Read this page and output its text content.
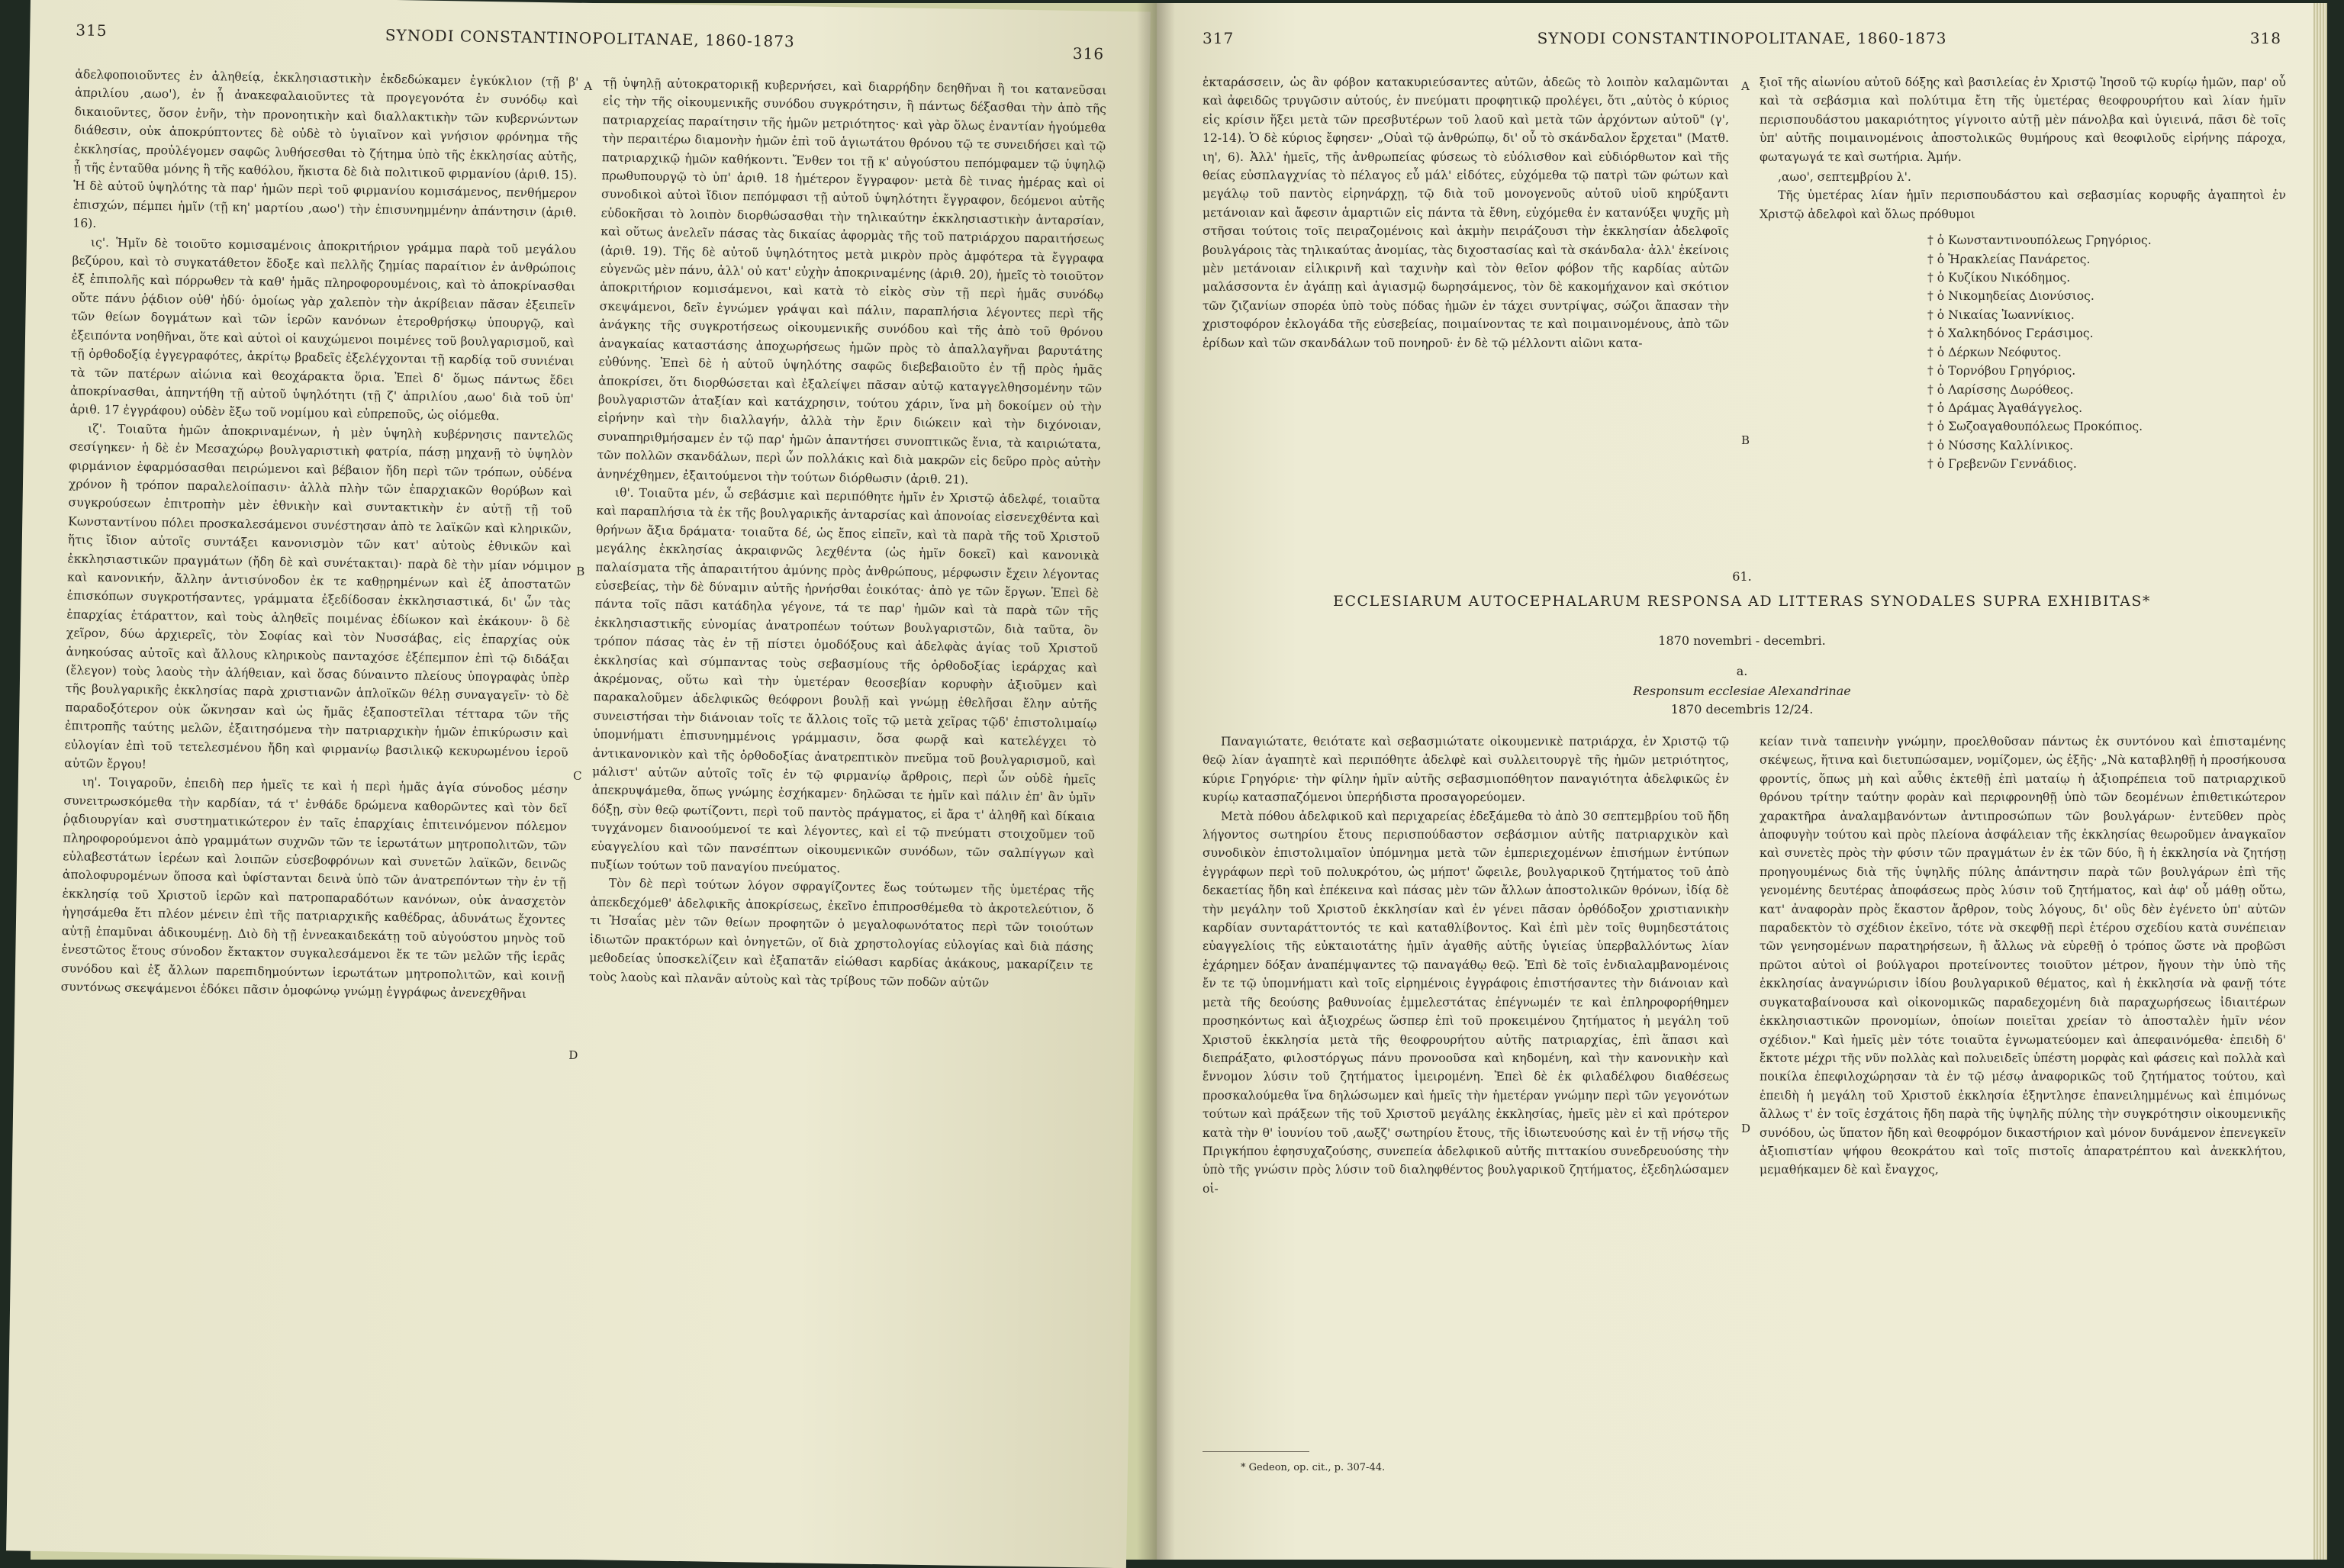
315	SYNODI CONSTANTINOPOLITANAE, 1860-1873
316

ἀδελφοποιοῦντες ἐν ἀληθείᾳ, ἐκκλησιαστικὴν ἐκδεδώκαμεν ἐγκύκλιον (τῇ β' ἀπριλίου ,αωο'), ἐν ᾗ ἀνακεφαλαιοῦντες τὰ προγεγονότα ἐν συνόδῳ καὶ δικαιοῦντες, ὅσον ἐνῆν, τὴν προνοητικὴν καὶ διαλλακτικὴν τῶν κυβερνώντων διάθεσιν, οὐκ ἀποκρύπτοντες δὲ οὐδὲ τὸ ὑγιαῖνον καὶ γνήσιον φρόνημα τῆς ἐκκλησίας, προὐλέγομεν σαφῶς λυθήσεσθαι τὸ ζήτημα ὑπὸ τῆς ἐκκλησίας αὐτῆς, ᾗ τῆς ἐνταῦθα μόνης ἢ τῆς καθόλου, ἥκιστα δὲ διὰ πολιτικοῦ φιρμανίου (ἀριθ. 15). Ἡ δὲ αὐτοῦ ὑψηλότης τὰ παρ' ἡμῶν περὶ τοῦ φιρμανίου κομισάμενος, πενθήμερον ἐπισχών, πέμπει ἡμῖν (τῇ κη' μαρτίου ,αωο') τὴν ἐπισυνημμένην ἀπάντησιν (ἀριθ. 16).

ις'. Ἡμῖν δὲ τοιοῦτο κομισαμένοις ἀποκριτήριον γράμμα παρὰ τοῦ μεγάλου βεζύρου, καὶ τὸ συγκατάθετον ἔδοξε καὶ πελλῆς ζημίας παραίτιον ἐν ἀνθρώποις ἐξ ἐπιπολῆς καὶ πόρρωθεν τὰ καθ' ἡμᾶς πληροφορουμένοις, καὶ τὸ ἀποκρίνασθαι οὔτε πάνυ ῥᾴδιον οὐθ' ἡδύ· ὁμοίως γὰρ χαλεπὸν τὴν ἀκρίβειαν πᾶσαν ἐξειπεῖν τῶν θείων δογμάτων καὶ τῶν ἱερῶν κανόνων ἑτεροθρήσκῳ ὑπουργῷ, καὶ ἐξειπόντα νοηθῆναι, ὅτε καὶ αὐτοὶ οἱ καυχώμενοι ποιμένες τοῦ βουλγαρισμοῦ, καὶ τῇ ὀρθοδοξίᾳ ἐγγεγραφότες, ἀκρίτῳ βραδεῖς ἐξελέγχονται τῇ καρδίᾳ τοῦ συνιέναι τὰ τῶν πατέρων αἰώνια καὶ θεοχάρακτα ὅρια. Ἐπεὶ δ' ὅμως πάντως ἔδει ἀποκρίνασθαι, ἀπηντήθη τῇ αὐτοῦ ὑψηλότητι (τῇ ζ' ἀπριλίου ,αωο' διὰ τοῦ ὑπ' ἀριθ. 17 ἐγγράφου) οὐδὲν ἔξω τοῦ νομίμου καὶ εὐπρεποῦς, ὡς οἰόμεθα.

ιζ'. Τοιαῦτα ἡμῶν ἀποκριναμένων, ἡ μὲν ὑψηλὴ κυβέρνησις παντελῶς σεσίγηκεν· ἡ δὲ ἐν Μεσαχώρῳ βουλγαριστικὴ φατρία, πάσῃ μηχανῇ τὸ ὑψηλὸν φιρμάνιον ἐφαρμόσασθαι πειρώμενοι καὶ βέβαιον ἤδη περὶ τῶν τρόπων, οὐδένα χρόνον ἢ τρόπον παραλελοίπασιν· ἀλλὰ πλὴν τῶν ἐπαρχιακῶν θορύβων καὶ συγκρούσεων ἐπιτροπὴν μὲν ἐθνικὴν καὶ συντακτικὴν ἐν αὐτῇ τῇ τοῦ Κωνσταντίνου πόλει προσκαλεσάμενοι συνέστησαν ἀπὸ τε λαϊκῶν καὶ κληρικῶν, ἥτις ἴδιον αὐτοῖς συντάξει κανονισμὸν τῶν κατ' αὐτοὺς ἐθνικῶν καὶ ἐκκλησιαστικῶν πραγμάτων (ἤδη δὲ καὶ συνέτακται)· παρὰ δὲ τὴν μίαν νόμιμον καὶ κανονικήν, ἄλλην ἀντισύνοδον ἐκ τε καθῃρημένων καὶ ἐξ ἀποστατῶν ἐπισκόπων συγκροτήσαντες, γράμματα ἐξεδίδοσαν ἐκκλησιαστικά, δι' ὧν τὰς ἐπαρχίας ἐτάραττον, καὶ τοὺς ἀληθεῖς ποιμένας ἐδίωκον καὶ ἐκάκουν· ὃ δὲ χεῖρον, δύω ἀρχιερεῖς, τὸν Σοφίας καὶ τὸν Νυσσάβας, εἰς ἐπαρχίας οὐκ ἀνηκούσας αὐτοῖς καὶ ἄλλους κληρικοὺς πανταχόσε ἐξέπεμπον ἐπὶ τῷ διδάξαι (ἔλεγον) τοὺς λαοὺς τὴν ἀλήθειαν, καὶ ὅσας δύναιντο πλείους ὑπογραφὰς ὑπὲρ τῆς βουλγαρικῆς ἐκκλησίας παρὰ χριστιανῶν ἁπλοϊκῶν θέλῃ συναγαγεῖν· τὸ δὲ παραδοξότερον οὐκ ὤκνησαν καὶ ὡς ἤμᾶς ἐξαποστεῖλαι τέτταρα τῶν τῆς ἐπιτροπῆς ταύτης μελῶν, ἐξαιτησόμενα τὴν πατριαρχικὴν ἡμῶν ἐπικύρωσιν καὶ εὐλογίαν ἐπὶ τοῦ τετελεσμένου ἤδη καὶ φιρμανίῳ βασιλικῷ κεκυρωμένου ἱεροῦ αὐτῶν ἔργου!

ιη'. Τοιγαροῦν, ἐπειδὴ περ ἡμεῖς τε καὶ ἡ περὶ ἡμᾶς ἁγία σύνοδος μέσην συνειτρωσκόμεθα τὴν καρδίαν, τά τ' ἐνθάδε δρώμενα καθορῶντες καὶ τὸν δεῖ ῥᾳδιουργίαν καὶ συστηματικώτερον ἐν ταῖς ἐπαρχίαις ἐπιτεινόμενον πόλεμον πληροφορούμενοι ἀπὸ γραμμάτων συχνῶν τῶν τε ἱερωτάτων μητροπολιτῶν, τῶν εὐλαβεστάτων ἱερέων καὶ λοιπῶν εὐσεβοφρόνων καὶ συνετῶν λαϊκῶν, δεινῶς ἀπολοφυρομένων ὅποσα καὶ ὑφίστανται δεινὰ ὑπὸ τῶν ἀνατρεπόντων τὴν ἐν τῇ ἐκκλησίᾳ τοῦ Χριστοῦ ἱερῶν καὶ πατροπαραδότων κανόνων, οὐκ ἀνασχετὸν ἡγησάμεθα ἔτι πλέον μένειν ἐπὶ τῆς πατριαρχικῆς καθέδρας, ἀδυνάτως ἔχοντες αὐτῇ ἐπαμῦναι ἀδικουμένῃ. Διὸ δὴ τῇ ἐννεακαιδεκάτῃ τοῦ αὐγούστου μηνὸς τοῦ ἐνεστῶτος ἔτους σύνοδον ἔκτακτον συγκαλεσάμενοι ἔκ τε τῶν μελῶν τῆς ἱερᾶς συνόδου καὶ ἐξ ἄλλων παρεπιδημούντων ἱερωτάτων μητροπολιτῶν, καὶ κοινῇ συντόνως σκεψάμενοι ἐδόκει πᾶσιν ὁμοφώνῳ γνώμῃ ἐγγράφως ἀνενεχθῆναι

A
B
C
D

τῇ ὑψηλῇ αὐτοκρατορικῇ κυβερνήσει, καὶ διαρρήδην δεηθῆναι ἢ τοι κατανεῦσαι εἰς τὴν τῆς οἰκουμενικῆς συνόδου συγκρότησιν, ἢ πάντως δέξασθαι τὴν ἀπὸ τῆς πατριαρχείας παραίτησιν τῆς ἡμῶν μετριότητος· καὶ γὰρ ὅλως ἐναντίαν ἡγούμεθα τὴν περαιτέρω διαμονὴν ἡμῶν ἐπὶ τοῦ ἁγιωτάτου θρόνου τῷ τε συνειδήσει καὶ τῷ πατριαρχικῷ ἡμῶν καθήκοντι. Ἔνθεν τοι τῇ κ' αὐγούστου πεπόμφαμεν τῷ ὑψηλῷ πρωθυπουργῷ τὸ ὑπ' ἀριθ. 18 ἡμέτερον ἔγγραφον· μετὰ δὲ τινας ἡμέρας καὶ οἱ συνοδικοὶ αὐτοὶ ἴδιον πεπόμφασι τῇ αὐτοῦ ὑψηλότητι ἔγγραφον, δεόμενοι αὐτῆς εὐδοκῆσαι τὸ λοιπὸν διορθώσασθαι τὴν τηλικαύτην ἐκκλησιαστικὴν ἀνταρσίαν, καὶ οὕτως ἀνελεῖν πάσας τὰς δικαίας ἀφορμὰς τῆς τοῦ πατριάρχου παραιτήσεως (ἀριθ. 19). Τῆς δὲ αὐτοῦ ὑψηλότητος μετὰ μικρὸν πρὸς ἀμφότερα τὰ ἔγγραφα εὐγενῶς μὲν πάνυ, ἀλλ' οὐ κατ' εὐχὴν ἀποκριναμένης (ἀριθ. 20), ἡμεῖς τὸ τοιοῦτον ἀποκριτήριον κομισάμενοι, καὶ κατὰ τὸ εἰκὸς σὺν τῇ περὶ ἡμᾶς συνόδῳ σκεψάμενοι, δεῖν ἐγνώμεν γράψαι καὶ πάλιν, παραπλήσια λέγοντες περὶ τῆς ἀνάγκης τῆς συγκροτήσεως οἰκουμενικῆς συνόδου καὶ τῆς ἀπὸ τοῦ θρόνου ἀναγκαίας καταστάσης ἀποχωρήσεως ἡμῶν πρὸς τὸ ἀπαλλαγῆναι βαρυτάτης εὐθύνης. Ἐπεὶ δὲ ἡ αὐτοῦ ὑψηλότης σαφῶς διεβεβαιοῦτο ἐν τῇ πρὸς ἡμᾶς ἀποκρίσει, ὅτι διορθώσεται καὶ ἐξαλείψει πᾶσαν αὐτῷ καταγγελθησομένην τῶν βουλγαριστῶν ἀταξίαν καὶ κατάχρησιν, τούτου χάριν, ἵνα μὴ δοκοίμεν οὐ τὴν εἰρήνην καὶ τὴν διαλλαγήν, ἀλλὰ τὴν ἔριν διώκειν καὶ τὴν διχόνοιαν, συναπηριθμήσαμεν ἐν τῷ παρ' ἡμῶν ἀπαντήσει συνοπτικῶς ἔνια, τὰ καιριώτατα, τῶν πολλῶν σκανδάλων, περὶ ὧν πολλάκις καὶ διὰ μακρῶν εἰς δεῦρο πρὸς αὐτὴν ἀνηνέχθημεν, ἐξαιτούμενοι τὴν τούτων διόρθωσιν (ἀριθ. 21).

ιθ'. Τοιαῦτα μέν, ὦ σεβάσμιε καὶ περιπόθητε ἡμῖν ἐν Χριστῷ ἀδελφέ, τοιαῦτα καὶ παραπλήσια τὰ ἐκ τῆς βουλγαρικῆς ἀνταρσίας καὶ ἀπονοίας εἰσενεχθέντα καὶ θρήνων ἄξια δράματα· τοιαῦτα δέ, ὡς ἔπος εἰπεῖν, καὶ τὰ παρὰ τῆς τοῦ Χριστοῦ μεγάλης ἐκκλησίας ἀκραιφνῶς λεχθέντα (ὡς ἡμῖν δοκεῖ) καὶ κανονικὰ παλαίσματα τῆς ἀπαραιτήτου ἀμύνης πρὸς ἀνθρώπους, μέρφωσιν ἔχειν λέγοντας εὐσεβείας, τὴν δὲ δύναμιν αὐτῆς ἠρνήσθαι ἐοικότας· ἀπὸ γε τῶν ἔργων. Ἐπεὶ δὲ πάντα τοῖς πᾶσι κατάδηλα γέγονε, τά τε παρ' ἡμῶν καὶ τὰ παρὰ τῶν τῆς ἐκκλησιαστικῆς εὐνομίας ἀνατροπέων τούτων βουλγαριστῶν, διὰ ταῦτα, ὃν τρόπον πάσας τὰς ἐν τῇ πίστει ὁμοδόξους καὶ ἀδελφὰς ἁγίας τοῦ Χριστοῦ ἐκκλησίας καὶ σύμπαντας τοὺς σεβασμίους τῆς ὀρθοδοξίας ἱεράρχας καὶ ἀκρέμονας, οὕτω καὶ τὴν ὑμετέραν θεοσεβίαν κορυφὴν ἀξιοῦμεν καὶ παρακαλοῦμεν ἀδελφικῶς θεόφρονι βουλῇ καὶ γνώμῃ ἐθελῆσαι ἔλην αὐτῆς συνειστήσαι τὴν διάνοιαν τοῖς τε ἄλλοις τοῖς τῷ μετὰ χεῖρας τῷδ' ἐπιστολιμαίῳ ὑπομνήματι ἐπισυνημμένοις γράμμασιν, ὅσα φωρᾷ καὶ κατελέγχει τὸ ἀντικανονικὸν καὶ τῆς ὀρθοδοξίας ἀνατρεπτικὸν πνεῦμα τοῦ βουλγαρισμοῦ, καὶ μάλιστ' αὐτῶν αὐτοῖς τοῖς ἐν τῷ φιρμανίῳ ἄρθροις, περὶ ὧν οὐδὲ ἡμεῖς ἀπεκρυψάμεθα, ὅπως γνώμης ἐσχήκαμεν· δηλῶσαι τε ἡμῖν καὶ πάλιν ἐπ' ἂν ὑμῖν δόξῃ, σὺν θεῷ φωτίζοντι, περὶ τοῦ παντὸς πράγματος, εἰ ἄρα τ' ἀληθῆ καὶ δίκαια τυγχάνομεν διανοούμενοί τε καὶ λέγοντες, καὶ εἰ τῷ πνεύματι στοιχοῦμεν τοῦ εὐαγγελίου καὶ τῶν πανσέπτων οἰκουμενικῶν συνόδων, τῶν σαλπίγγων καὶ πυξίων τούτων τοῦ παναγίου πνεύματος.

Τὸν δὲ περὶ τούτων λόγον σφραγίζοντες ἕως τούτωμεν τῆς ὑμετέρας τῆς ἀπεκδεχόμεθ' ἀδελφικῆς ἀποκρίσεως, ἐκεῖνο ἐπιπροσθέμεθα τὸ ἀκροτελεύτιον, ὅ τι Ἡσαΐας μὲν τῶν θείων προφητῶν ὁ μεγαλοφωνότατος περὶ τῶν τοιούτων ἰδιωτῶν πρακτόρων καὶ ὀνηγετῶν, οἵ διὰ χρηστολογίας εὐλογίας καὶ διὰ πάσης μεθοδείας ὑποσκελίζειν καὶ ἐξαπατᾶν εἰώθασι καρδίας ἀκάκους, μακαρίζειν τε τοὺς λαοὺς καὶ πλανᾶν αὐτοὺς καὶ τὰς τρίβους τῶν ποδῶν αὐτῶν

317	SYNODI CONSTANTINOPOLITANAE, 1860-1873	318

ἐκταράσσειν, ὡς ἂν φόβον κατακυριεύσαντες αὐτῶν, ἀδεῶς τὸ λοιπὸν καλαμῶνται καὶ ἀφειδῶς τρυγῶσιν αὐτούς, ἐν πνεύματι προφητικῷ προλέγει, ὅτι „αὐτὸς ὁ κύριος εἰς κρίσιν ἥξει μετὰ τῶν πρεσβυτέρων τοῦ λαοῦ καὶ μετὰ τῶν ἀρχόντων αὐτοῦ" (γ', 12-14). Ὁ δὲ κύριος ἔφησεν· „Οὐαὶ τῷ ἀνθρώπῳ, δι' οὗ τὸ σκάνδαλον ἔρχεται" (Ματθ. ιη', 6). Ἀλλ' ἡμεῖς, τῆς ἀνθρωπείας φύσεως τὸ εὐόλισθον καὶ εὐδιόρθωτον καὶ τῆς θείας εὐσπλαγχνίας τὸ πέλαγος εὖ μάλ' εἰδότες, εὐχόμεθα τῷ πατρὶ τῶν φώτων καὶ μεγάλῳ τοῦ παντὸς εἰρηνάρχῃ, τῷ διὰ τοῦ μονογενοῦς αὐτοῦ υἱοῦ κηρύξαντι μετάνοιαν καὶ ἄφεσιν ἁμαρτιῶν εἰς πάντα τὰ ἔθνη, εὐχόμεθα ἐν κατανύξει ψυχῆς μὴ στῆσαι τούτοις τοῖς πειραζομένοις καὶ ἀκμὴν πειράζουσι τὴν ἐκκλησίαν ἀδελφοῖς βουλγάροις τὰς τηλικαύτας ἀνομίας, τὰς διχοστασίας καὶ τὰ σκάνδαλα· ἀλλ' ἐκείνοις μὲν μετάνοιαν εἰλικρινῆ καὶ ταχινὴν καὶ τὸν θεῖον φόβον τῆς καρδίας αὐτῶν μαλάσσοντα ἐν ἀγάπῃ καὶ ἁγιασμῷ δωρησάμενος, τὸν δὲ κακομήχανον καὶ σκότιον τῶν ζιζανίων σπορέα ὑπὸ τοὺς πόδας ἡμῶν ἐν τάχει συντρίψας, σώζοι ἅπασαν τὴν χριστοφόρον ἐκλογάδα τῆς εὐσεβείας, ποιμαίνοντας τε καὶ ποιμαινομένους, ἀπὸ τῶν ἐρίδων καὶ τῶν σκανδάλων τοῦ πονηροῦ· ἐν δὲ τῷ μέλλοντι αἰῶνι κατα-

A
B

ξιοῖ τῆς αἰωνίου αὐτοῦ δόξης καὶ βασιλείας ἐν Χριστῷ Ἰησοῦ τῷ κυρίῳ ἡμῶν, παρ' οὗ καὶ τὰ σεβάσμια καὶ πολύτιμα ἔτη τῆς ὑμετέρας θεοφρουρήτου καὶ λίαν ἡμῖν περισπουδάστου μακαριότητος γίγνοιτο αὐτῇ μὲν πάνολβα καὶ ὑγιεινά, πᾶσι δὲ τοῖς ὑπ' αὐτῆς ποιμαινομένοις ἀποστολικῶς θυμήρους καὶ θεοφιλοῦς εἰρήνης πάροχα, φωταγωγά τε καὶ σωτήρια. Ἀμήν.

,αωο', σεπτεμβρίου λ'.

Τῆς ὑμετέρας λίαν ἡμῖν περισπουδάστου καὶ σεβασμίας κορυφῆς ἀγαπητοὶ ἐν Χριστῷ ἀδελφοὶ καὶ ὅλως πρόθυμοι

† ὁ Κωνσταντινουπόλεως Γρηγόριος.
† ὁ Ἡρακλείας Πανάρετος.
† ὁ Κυζίκου Νικόδημος.
† ὁ Νικομηδείας Διονύσιος.
† ὁ Νικαίας Ἰωαννίκιος.
† ὁ Χαλκηδόνος Γεράσιμος.
† ὁ Δέρκων Νεόφυτος.
† ὁ Τορνόβου Γρηγόριος.
† ὁ Λαρίσσης Δωρόθεος.
† ὁ Δράμας Ἀγαθάγγελος.
† ὁ Σωζοαγαθουπόλεως Προκόπιος.
† ὁ Νύσσης Καλλίνικος.
† ὁ Γρεβενῶν Γεννάδιος.
61.
ECCLESIARUM AUTOCEPHALARUM RESPONSA AD LITTERAS SYNODALES SUPRA EXHIBITAS*
1870 novembri - decembri.
a.
Responsum ecclesiae Alexandrinae
1870 decembris 12/24.

Παναγιώτατε, θειότατε καὶ σεβασμιώτατε οἰκουμενικὲ πατριάρχα, ἐν Χριστῷ τῷ θεῷ λίαν ἀγαπητὲ καὶ περιπόθητε ἀδελφὲ καὶ συλλειτουργὲ τῆς ἡμῶν μετριότητος, κύριε Γρηγόριε· τὴν φίλην ἡμῖν αὐτῆς σεβασμιοπόθητον παναγιότητα ἀδελφικῶς ἐν κυρίῳ κατασπαζόμενοι ὑπερήδιστα προσαγορεύομεν.

Μετὰ πόθου ἀδελφικοῦ καὶ περιχαρείας ἐδεξάμεθα τὸ ἀπὸ 30 σεπτεμβρίου τοῦ ἤδη λήγοντος σωτηρίου ἔτους περισπούδαστον σεβάσμιον αὐτῆς πατριαρχικὸν καὶ συνοδικὸν ἐπιστολιμαῖον ὑπόμνημα μετὰ τῶν ἐμπεριεχομένων ἐπισήμων ἐντύπων ἐγγράφων περὶ τοῦ πολυκρότου, ὡς μήποτ' ὤφειλε, βουλγαρικοῦ ζητήματος τοῦ ἀπὸ δεκαετίας ἤδη καὶ ἐπέκεινα καὶ πάσας μὲν τῶν ἄλλων ἀποστολικῶν θρόνων, ἰδίᾳ δὲ τὴν μεγάλην τοῦ Χριστοῦ ἐκκλησίαν καὶ ἐν γένει πᾶσαν ὀρθόδοξον χριστιανικὴν καρδίαν συνταράττοντός τε καὶ καταθλίβοντος. Καὶ ἐπὶ μὲν τοῖς θυμηδεστάτοις εὐαγγελίοις τῆς εὐκταιοτάτης ἡμῖν ἀγαθῆς αὐτῆς ὑγιείας ὑπερβαλλόντως λίαν ἐχάρημεν δόξαν ἀναπέμψαντες τῷ παναγάθῳ θεῷ. Ἐπὶ δὲ τοῖς ἐνδιαλαμβανομένοις ἔν τε τῷ ὑπομνήματι καὶ τοῖς εἰρημένοις ἐγγράφοις ἐπιστήσαντες τὴν διάνοιαν καὶ μετὰ τῆς δεούσης βαθυνοίας ἐμμελεστάτας ἐπέγνωμέν τε καὶ ἐπληροφορήθημεν προσηκόντως καὶ ἀξιοχρέως ὥσπερ ἐπὶ τοῦ προκειμένου ζητήματος ἡ μεγάλη τοῦ Χριστοῦ ἐκκλησία μετὰ τῆς θεοφρουρήτου αὐτῆς πατριαρχίας, ἐπὶ ἅπασι καὶ διεπράξατο, φιλοστόργως πάνυ προνοοῦσα καὶ κηδομένη, καὶ τὴν κανονικὴν καὶ ἔννομον λύσιν τοῦ ζητήματος ἱμειρομένη. Ἐπεὶ δὲ ἐκ φιλαδέλφου διαθέσεως προσκαλούμεθα ἵνα δηλώσωμεν καὶ ἡμεῖς τὴν ἡμετέραν γνώμην περὶ τῶν γεγονότων τούτων καὶ πράξεων τῆς τοῦ Χριστοῦ μεγάλης ἐκκλησίας, ἡμεῖς μὲν εἰ καὶ πρότερον κατὰ τὴν θ' ἰουνίου τοῦ ,αωξζ' σωτηρίου ἔτους, τῆς ἰδιωτευούσης καὶ ἐν τῇ νήσῳ τῆς Πριγκήπου ἐφησυχαζούσης, συνεπεία ἀδελφικοῦ αὐτῆς πιττακίου συνεδρευούσης τὴν ὑπὸ τῆς γνώσιν πρὸς λύσιν τοῦ διαληφθέντος βουλγαρικοῦ ζητήματος, ἐξεδηλώσαμεν οἱ-

D

κείαν τινὰ ταπεινὴν γνώμην, προελθοῦσαν πάντως ἐκ συντόνου καὶ ἐπισταμένης σκέψεως, ἥτινα καὶ διετυπώσαμεν, νομίζομεν, ὡς ἐξῆς· „Νὰ καταβληθῇ ἡ προσήκουσα φροντίς, ὅπως μὴ καὶ αὖθις ἐκτεθῇ ἐπὶ ματαίῳ ἡ ἀξιοπρέπεια τοῦ πατριαρχικοῦ θρόνου τρίτην ταύτην φορὰν καὶ περιφρονηθῇ ὑπὸ τῶν δεομένων ἐπιθετικώτερον χαρακτῆρα ἀναλαμβανόντων ἀντιπροσώπων τῶν βουλγάρων· ἐντεῦθεν πρὸς ἀποφυγὴν τούτου καὶ πρὸς πλείονα ἀσφάλειαν τῆς ἐκκλησίας θεωροῦμεν ἀναγκαῖον καὶ συνετὲς πρὸς τὴν φύσιν τῶν πραγμάτων ἐν ἐκ τῶν δύο, ἢ ἡ ἐκκλησία νὰ ζητήσῃ προηγουμένως διὰ τῆς ὑψηλῆς πύλης ἀπάντησιν παρὰ τῶν βουλγάρων ἐπὶ τῆς γενομένης δευτέρας ἀποφάσεως πρὸς λύσιν τοῦ ζητήματος, καὶ ἀφ' οὗ μάθῃ οὕτω, κατ' ἀναφορὰν πρὸς ἕκαστον ἄρθρον, τοὺς λόγους, δι' οὓς δὲν ἐγένετο ὑπ' αὐτῶν παραδεκτὸν τὸ σχέδιον ἐκεῖνο, τότε νὰ σκεφθῇ περὶ ἑτέρου σχεδίου κατὰ συνέπειαν τῶν γενησομένων παρατηρήσεων, ἢ ἄλλως νὰ εὑρεθῇ ὁ τρόπος ὥστε νὰ προβῶσι πρῶτοι αὐτοὶ οἱ βούλγαροι προτείνοντες τοιοῦτον μέτρον, ἤγουν τὴν ὑπὸ τῆς ἐκκλησίας ἀναγνώρισιν ἰδίου βουλγαρικοῦ θέματος, καὶ ἡ ἐκκλησία νὰ φανῇ τότε συγκαταβαίνουσα καὶ οἰκονομικῶς παραδεχομένη διὰ παραχωρήσεως ἰδιαιτέρων ἐκκλησιαστικῶν προνομίων, ὁποίων ποιεῖται χρείαν τὸ ἀποσταλὲν ἡμῖν νέον σχέδιον." Καὶ ἡμεῖς μὲν τότε τοιαῦτα ἐγνωματεύομεν καὶ ἀπεφαινόμεθα· ἐπειδὴ δ' ἔκτοτε μέχρι τῆς νῦν πολλὰς καὶ πολυειδεῖς ὑπέστη μορφὰς καὶ φάσεις καὶ πολλὰ καὶ ποικίλα ἐπεφιλοχώρησαν τὰ ἐν τῷ μέσῳ ἀναφορικῶς τοῦ ζητήματος τούτου, καὶ ἐπειδὴ ἡ μεγάλη τοῦ Χριστοῦ ἐκκλησία ἐξηντλησε ἐπανειλημμένως καὶ ἐπιμόνως ἄλλως τ' ἐν τοῖς ἐσχάτοις ἤδη παρὰ τῆς ὑψηλῆς πύλης τὴν συγκρότησιν οἰκουμενικῆς συνόδου, ὡς ὕπατον ἤδη καὶ θεοφρόμον δικαστήριον καὶ μόνον δυνάμενον ἐπενεγκεῖν ἀξιοπιστίαν ψήφου θεοκράτου καὶ τοῖς πιστοῖς ἀπαρατρέπτου καὶ ἀνεκκλήτου, μεμαθήκαμεν δὲ καὶ ἔναγχος,

* Gedeon, op. cit., p. 307-44.
